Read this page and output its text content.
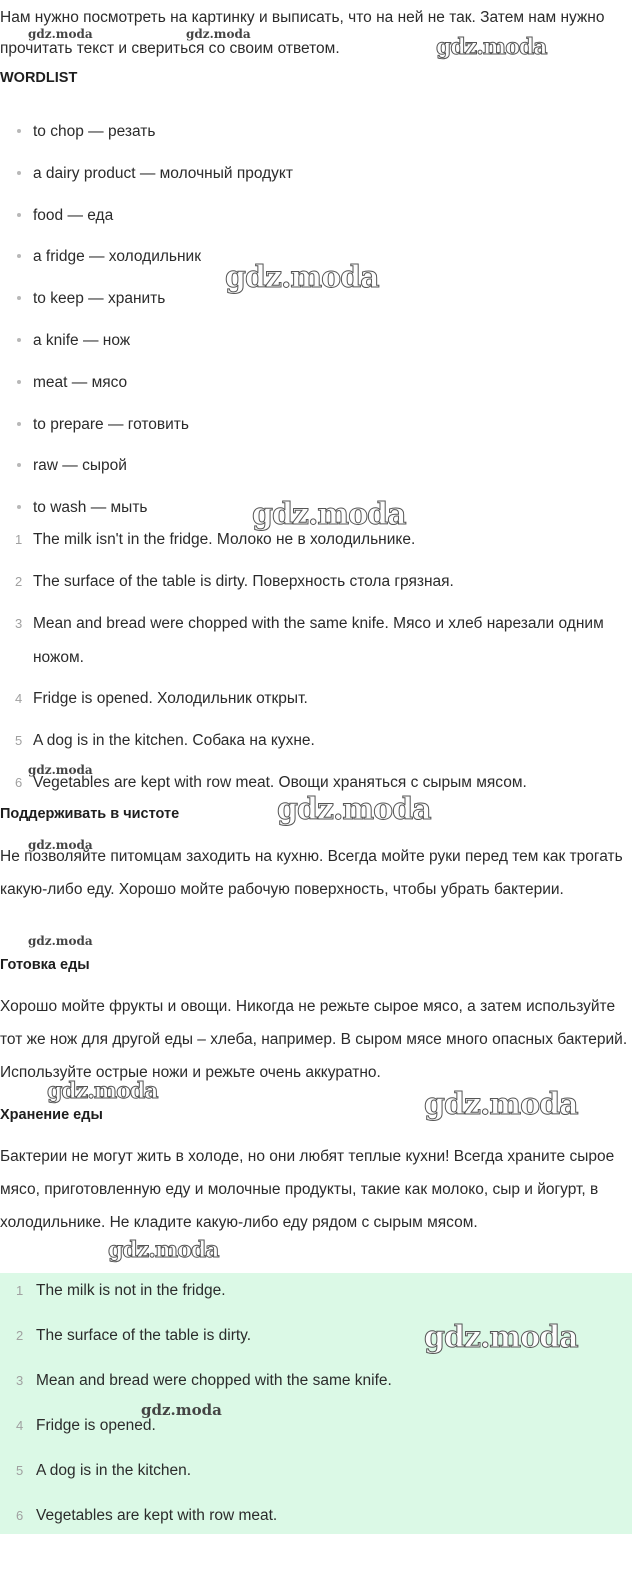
Нам нужно посмотреть на картинку и выписать, что на ней не так. Затем нам нужно прочитать текст и свериться со своим ответом.

WORDLIST
to chop — резать
a dairy product — молочный продукт
food — еда
a fridge — холодильник
to keep — хранить
a knife — нож
meat — мясо
to prepare — готовить
raw — сырой
to wash — мыть
1 The milk isn't in the fridge. Молоко не в холодильнике.
2 The surface of the table is dirty. Поверхность стола грязная.
3 Mean and bread were chopped with the same knife. Мясо и хлеб нарезали одним ножом.
4 Fridge is opened. Холодильник открыт.
5 A dog is in the kitchen. Собака на кухне.
6 Vegetables are kept with row meat. Овощи храняться с сырым мясом.
Поддерживать в чистоте

Не позволяйте питомцам заходить на кухню. Всегда мойте руки перед тем как трогать какую-либо еду. Хорошо мойте рабочую поверхность, чтобы убрать бактерии.

Готовка еды

Хорошо мойте фрукты и овощи. Никогда не режьте сырое мясо, а затем используйте тот же нож для другой еды – хлеба, например. В сыром мясе много опасных бактерий. Используйте острые ножи и режьте очень аккуратно.

Хранение еды

Бактерии не могут жить в холоде, но они любят теплые кухни! Всегда храните сырое мясо, приготовленную еду и молочные продукты, такие как молоко, сыр и йогурт, в холодильнике. Не кладите какую-либо еду рядом с сырым мясом.

1 The milk is not in the fridge.
2 The surface of the table is dirty.
3 Mean and bread were chopped with the same knife.
4 Fridge is opened.
5 A dog is in the kitchen.
6 Vegetables are kept with row meat.
gdz.moda
gdz.moda	gdz.moda
gdz.moda
gdz.moda
gdz.moda
gdz.moda
gdz.moda
gdz.moda
gdz.moda	gdz.moda
gdz.moda
gdz.moda
gdz.moda
